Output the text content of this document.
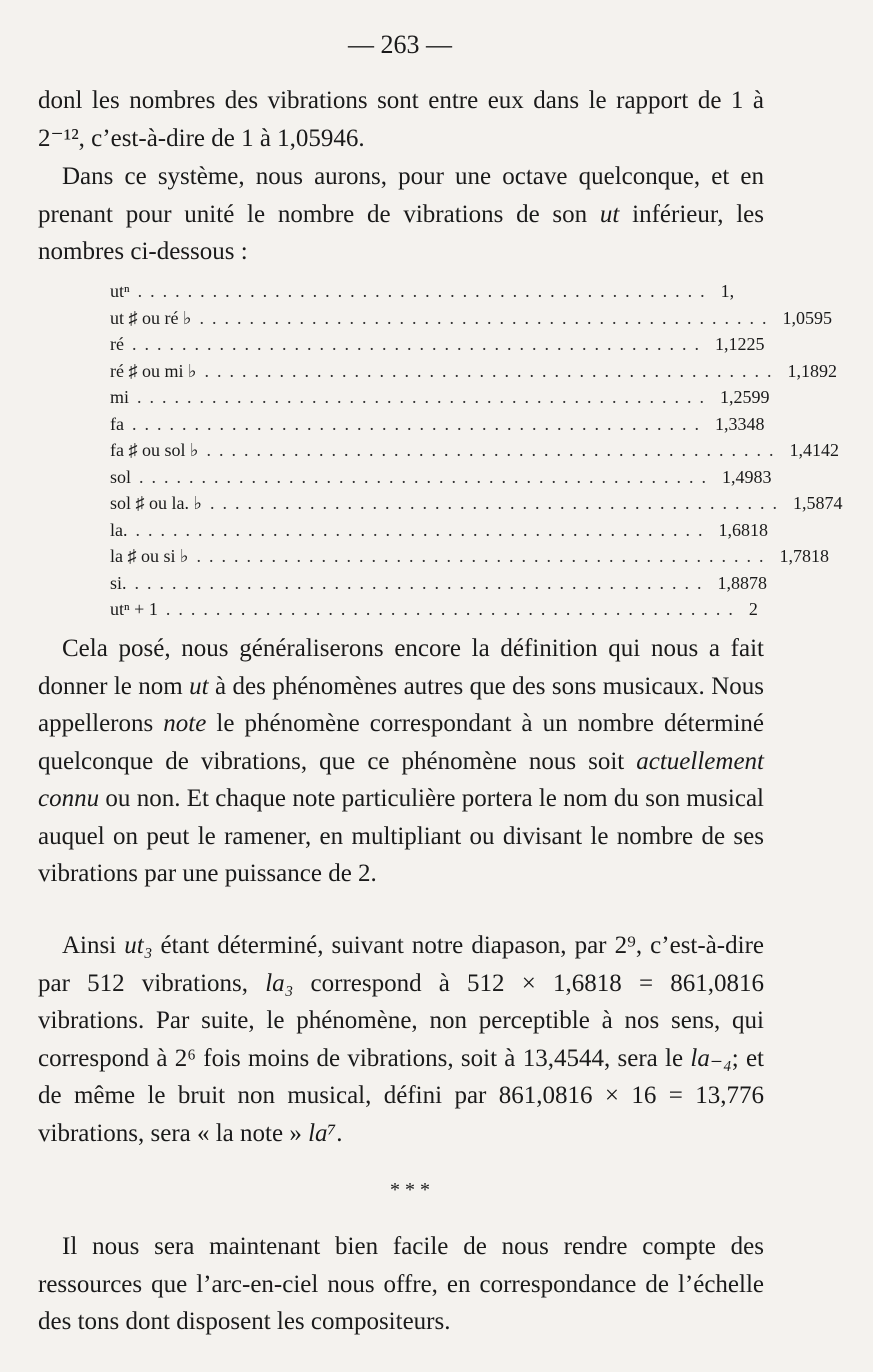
— 263 —

donl les nombres des vibrations sont entre eux dans le rapport de 1 à 2⁻¹², c’est-à-dire de 1 à 1,05946.

Dans ce système, nous aurons, pour une octave quelconque, et en prenant pour unité le nombre de vibrations de son ut inférieur, les nombres ci-dessous :

utⁿ .............................................. 1,
ut ♯ ou ré ♭ .............................................. 1,0595
ré .............................................. 1,1225
ré ♯ ou mi ♭ .............................................. 1,1892
mi .............................................. 1,2599
fa .............................................. 1,3348
fa ♯ ou sol ♭ .............................................. 1,4142
sol .............................................. 1,4983
sol ♯ ou la. ♭ .............................................. 1,5874
la. .............................................. 1,6818
la ♯ ou si ♭ .............................................. 1,7818
si. .............................................. 1,8878
utⁿ + 1 .............................................. 2

Cela posé, nous généraliserons encore la définition qui nous a fait donner le nom ut à des phénomènes autres que des sons musicaux. Nous appellerons note le phénomène correspondant à un nombre déterminé quelconque de vibrations, que ce phénomène nous soit actuellement connu ou non. Et chaque note particulière portera le nom du son musical auquel on peut le ramener, en multipliant ou divisant le nombre de ses vibrations par une puissance de 2.

Ainsi ut₃ étant déterminé, suivant notre diapason, par 2⁹, c’est-à-dire par 512 vibrations, la₃ correspond à 512 × 1,6818 = 861,0816 vibrations. Par suite, le phénomène, non perceptible à nos sens, qui correspond à 2⁶ fois moins de vibrations, soit à 13,4544, sera le la₋₄; et de même le bruit non musical, défini par 861,0816 × 16 = 13,776 vibrations, sera « la note » la⁷.

* * *

Il nous sera maintenant bien facile de nous rendre compte des ressources que l’arc-en-ciel nous offre, en correspondance de l’échelle des tons dont disposent les compositeurs.
